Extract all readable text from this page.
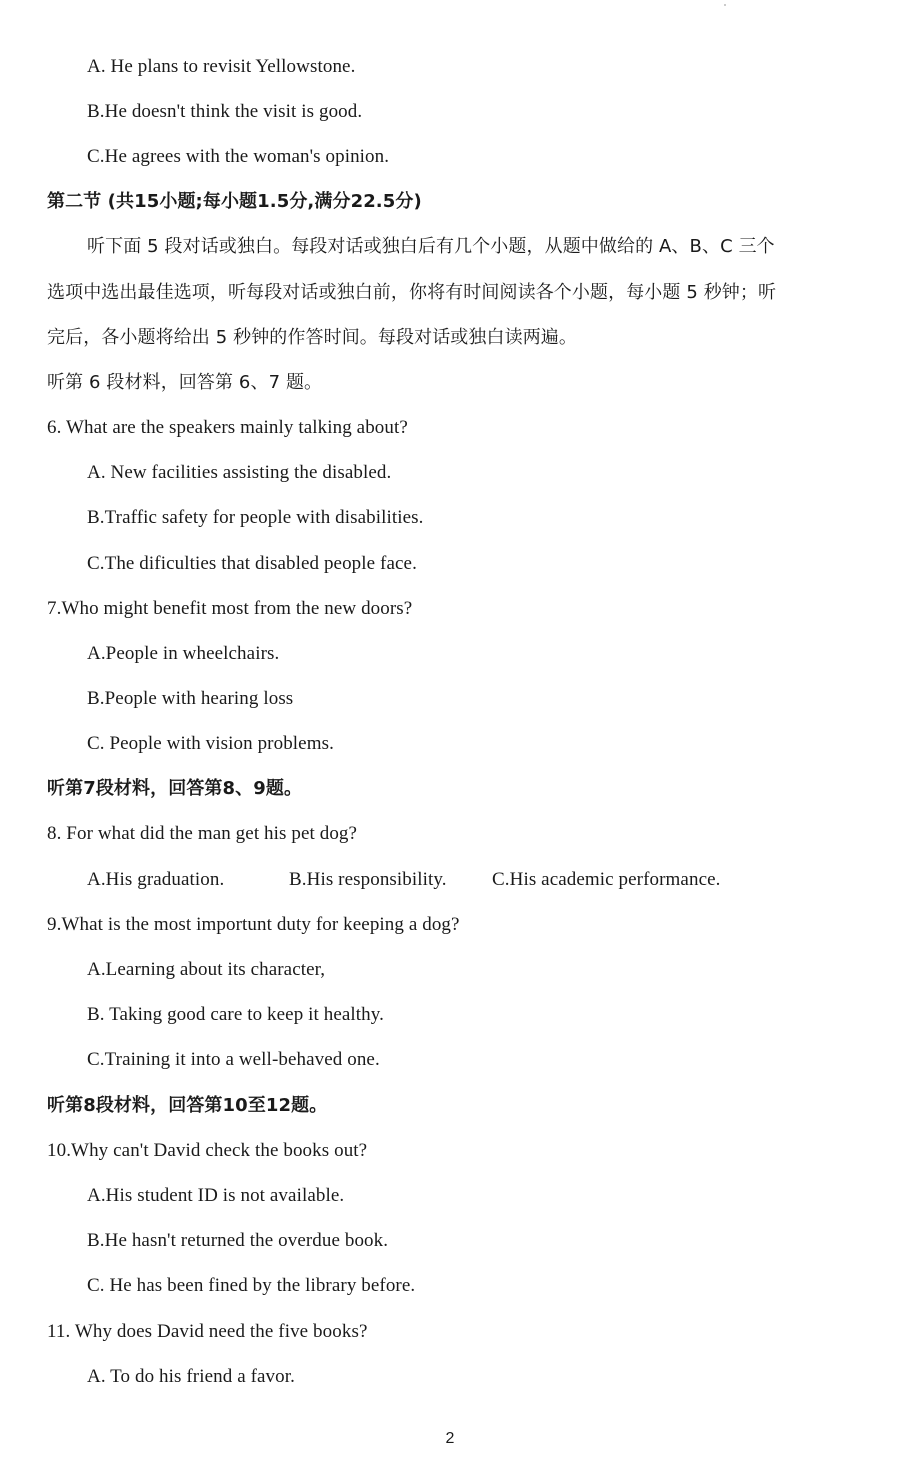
A. He plans to revisit Yellowstone.
B.He doesn't think the visit is good.
C.He agrees with the woman's opinion.
第二节 (共15小题;每小题1.5分,满分22.5分)
听下面 5 段对话或独白。每段对话或独白后有几个小题，从题中做给的 A、B、C 三个
选项中选出最佳选项，听每段对话或独白前，你将有时间阅读各个小题，每小题 5 秒钟；听
完后，各小题将给出 5 秒钟的作答时间。每段对话或独白读两遍。
听第 6 段材料，回答第 6、7 题。
6. What are the speakers mainly talking about?
A. New facilities assisting the disabled.
B.Traffic safety for people with disabilities.
C.The dificulties that disabled people face.
7.Who might benefit most from the new doors?
A.People in wheelchairs.
B.People with hearing loss
C. People with vision problems.
听第7段材料，回答第8、9题。
8. For what did the man get his pet dog?
A.His graduation.	B.His responsibility. C.His academic performance.
9.What is the most importunt duty for keeping a dog?
A.Learning about its character,
B. Taking good care to keep it healthy.
C.Training it into a well-behaved one.
听第8段材料，回答第10至12题。
10.Why can't David check the books out?
A.His student ID is not available.
B.He hasn't returned the overdue book.
C. He has been fined by the library before.
11. Why does David need the five books?
A. To do his friend a favor.
2
